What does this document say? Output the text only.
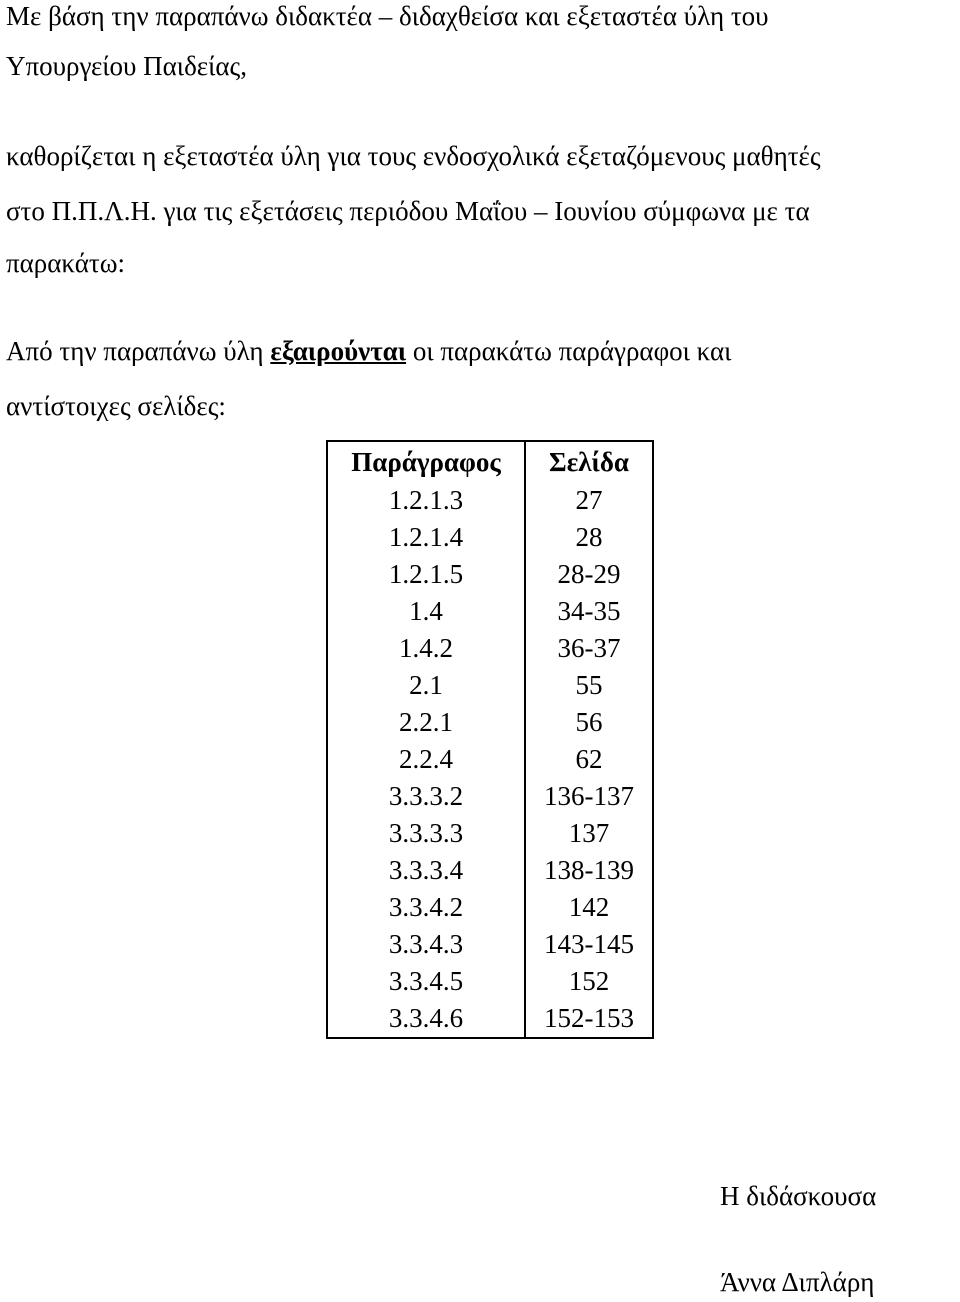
Με βάση την παραπάνω διδακτέα – διδαχθείσα και εξεταστέα ύλη του

Υπουργείου Παιδείας,

καθορίζεται η εξεταστέα ύλη για τους ενδοσχολικά εξεταζόμενους μαθητές

στο Π.Π.Λ.Η. για τις εξετάσεις περιόδου Μαΐου – Ιουνίου σύμφωνα με τα

παρακάτω:

Από την παραπάνω ύλη εξαιρούνται οι παρακάτω παράγραφοι και

αντίστοιχες σελίδες:

Παράγραφος	Σελίδα
1.2.1.3	27
1.2.1.4	28
1.2.1.5	28-29
1.4	34-35
1.4.2	36-37
2.1	55
2.2.1	56
2.2.4	62
3.3.3.2	136-137
3.3.3.3	137
3.3.3.4	138-139
3.3.4.2	142
3.3.4.3	143-145
3.3.4.5	152
3.3.4.6	152-153

Η διδάσκουσα

Άννα Διπλάρη
